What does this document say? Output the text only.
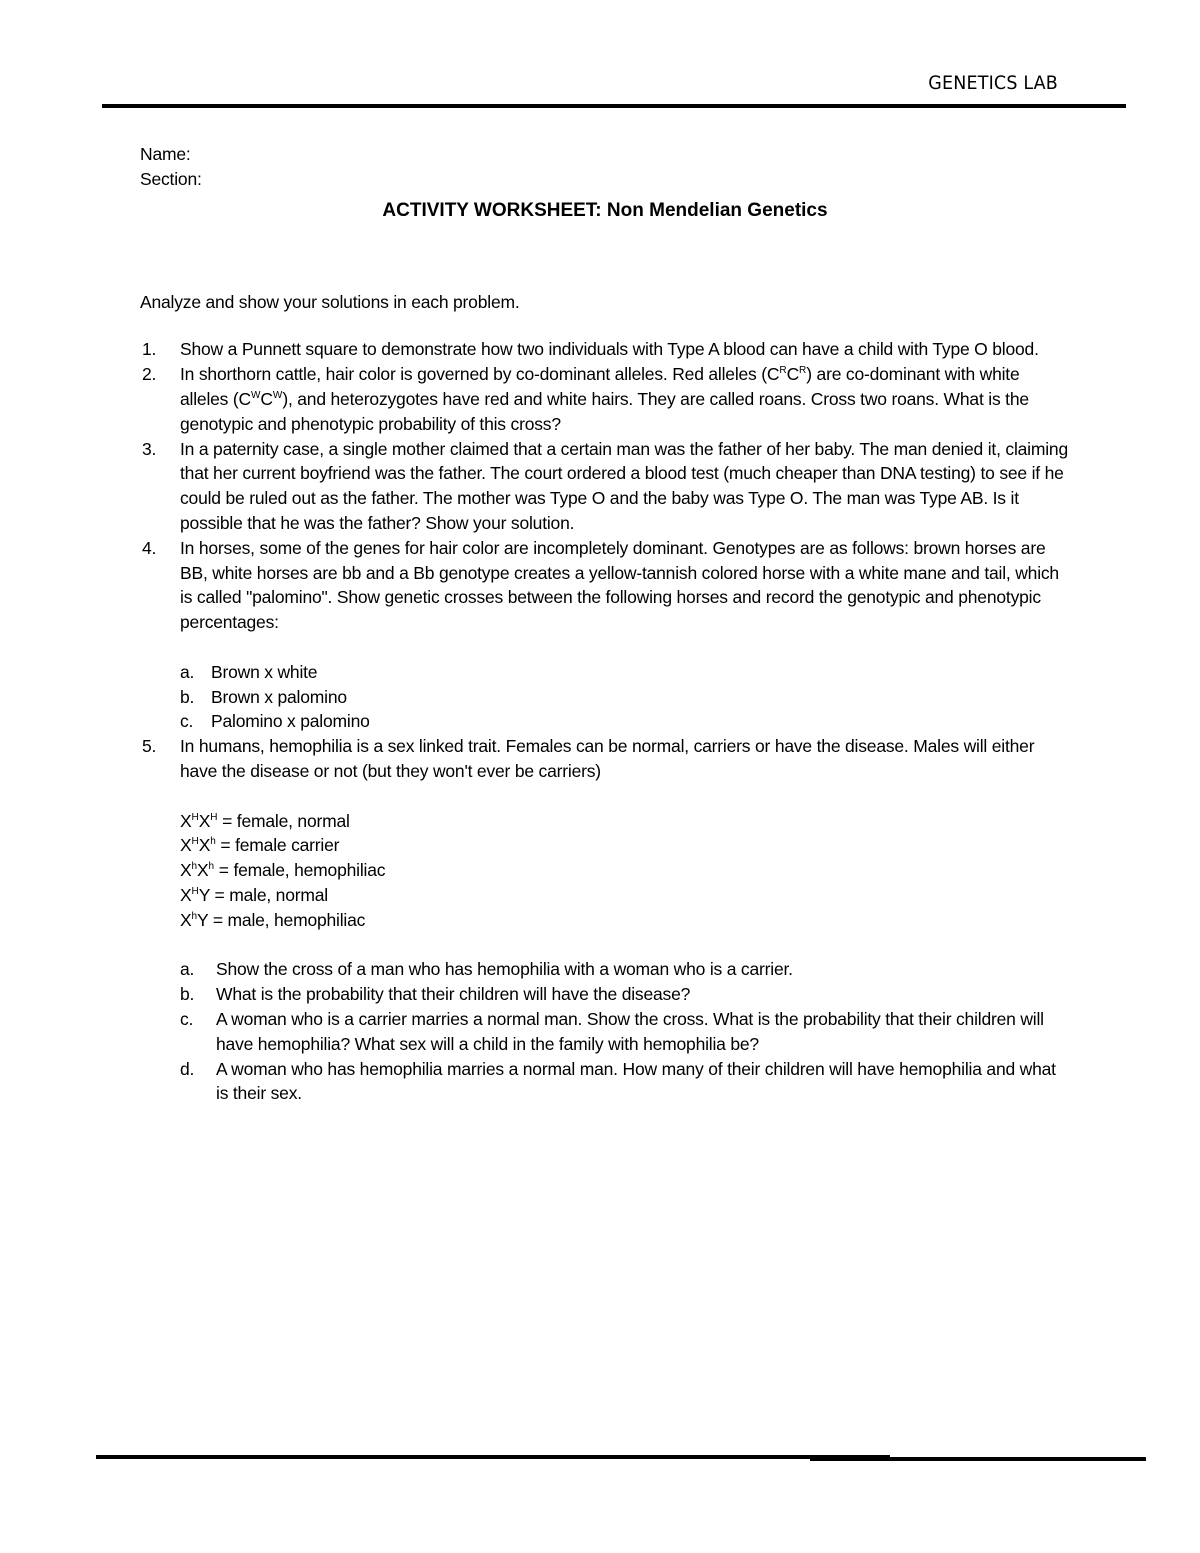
GENETICS LAB
Name:
Section:
ACTIVITY WORKSHEET: Non Mendelian Genetics
Analyze and show your solutions in each problem.
1. Show a Punnett square to demonstrate how two individuals with Type A blood can have a child with Type O blood.
2. In shorthorn cattle, hair color is governed by co-dominant alleles. Red alleles $(C^RC^R)$ are co-dominant with white alleles $(C^WC^W)$, and heterozygotes have red and white hairs. They are called roans. Cross two roans. What is the genotypic and phenotypic probability of this cross?
3. In a paternity case, a single mother claimed that a certain man was the father of her baby. The man denied it, claiming that her current boyfriend was the father. The court ordered a blood test (much cheaper than DNA testing) to see if he could be ruled out as the father. The mother was Type O and the baby was Type O. The man was Type AB. Is it possible that he was the father? Show your solution.
4. In horses, some of the genes for hair color are incompletely dominant. Genotypes are as follows: brown horses are BB, white horses are bb and a Bb genotype creates a yellow-tannish colored horse with a white mane and tail, which is called "palomino". Show genetic crosses between the following horses and record the genotypic and phenotypic percentages:
a. Brown x white
b. Brown x palomino
c. Palomino x palomino
5. In humans, hemophilia is a sex linked trait. Females can be normal, carriers or have the disease. Males will either have the disease or not (but they won't ever be carriers)
$X^HX^H$ = female, normal
$X^HX^h$ = female carrier
$X^hX^h$ = female, hemophiliac
$X^HY$ = male, normal
$X^hY$ = male, hemophiliac
a. Show the cross of a man who has hemophilia with a woman who is a carrier.
b. What is the probability that their children will have the disease?
c. A woman who is a carrier marries a normal man. Show the cross. What is the probability that their children will have hemophilia? What sex will a child in the family with hemophilia be?
d. A woman who has hemophilia marries a normal man. How many of their children will have hemophilia and what is their sex.
